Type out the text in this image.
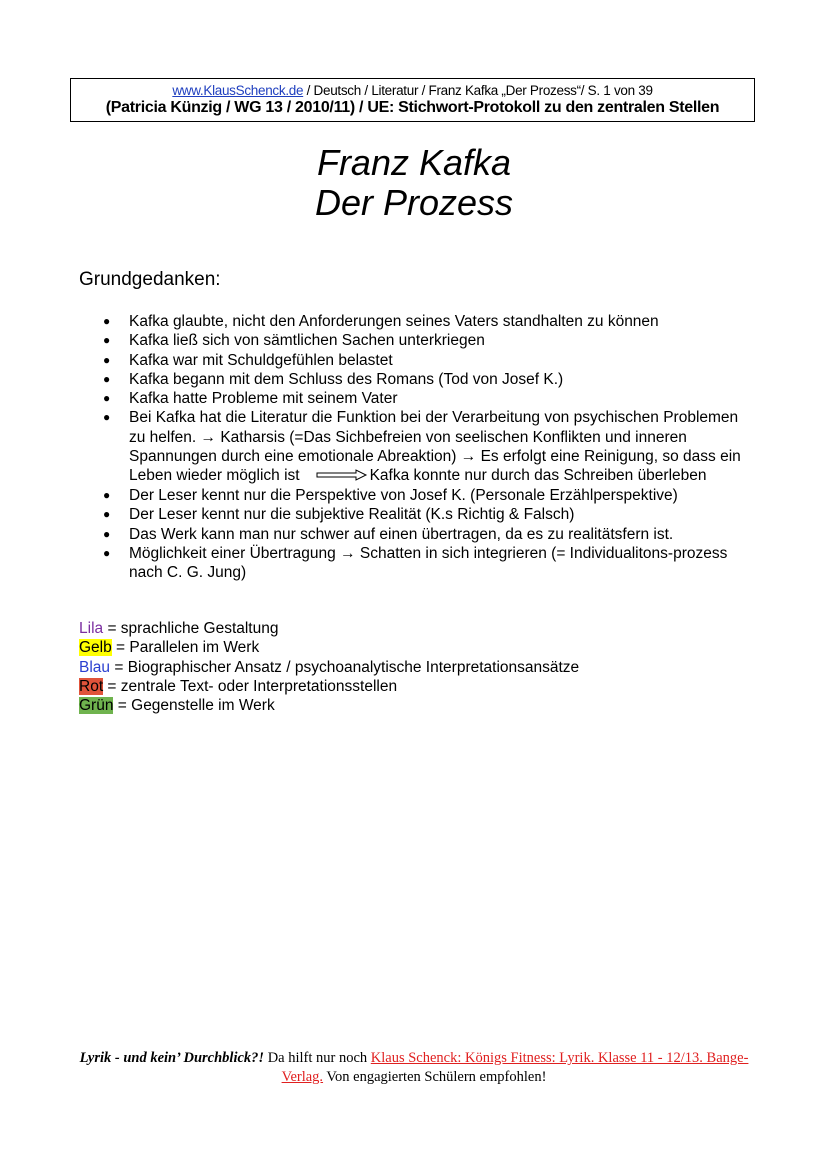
www.KlausSchenck.de / Deutsch / Literatur / Franz Kafka „Der Prozess“/ S. 1 von 39
(Patricia Künzig / WG 13 / 2010/11) / UE: Stichwort-Protokoll zu den zentralen Stellen
Franz Kafka
Der Prozess
Grundgedanken:
● Kafka glaubte, nicht den Anforderungen seines Vaters standhalten zu können
● Kafka ließ sich von sämtlichen Sachen unterkriegen
● Kafka war mit Schuldgefühlen belastet
● Kafka begann mit dem Schluss des Romans (Tod von Josef K.)
● Kafka hatte Probleme mit seinem Vater
● Bei Kafka hat die Literatur die Funktion bei der Verarbeitung von psychischen Problemen zu helfen. → Katharsis (=Das Sichbefreien von seelischen Konflikten und inneren Spannungen durch eine emotionale Abreaktion) → Es erfolgt eine Reinigung, so dass ein Leben wieder möglich ist	Kafka konnte nur durch das Schreiben überleben
● Der Leser kennt nur die Perspektive von Josef K. (Personale Erzählperspektive)
● Der Leser kennt nur die subjektive Realität (K.s Richtig & Falsch)
● Das Werk kann man nur schwer auf einen übertragen, da es zu realitätsfern ist.
● Möglichkeit einer Übertragung → Schatten in sich integrieren (= Individualitons-prozess nach C. G. Jung)
Lila = sprachliche Gestaltung
Gelb = Parallelen im Werk
Blau = Biographischer Ansatz / psychoanalytische Interpretationsansätze
Rot = zentrale Text- oder Interpretationsstellen
Grün = Gegenstelle im Werk
Lyrik - und kein’ Durchblick?! Da hilft nur noch Klaus Schenck: Königs Fitness: Lyrik. Klasse 11 - 12/13. Bange-Verlag. Von engagierten Schülern empfohlen!
